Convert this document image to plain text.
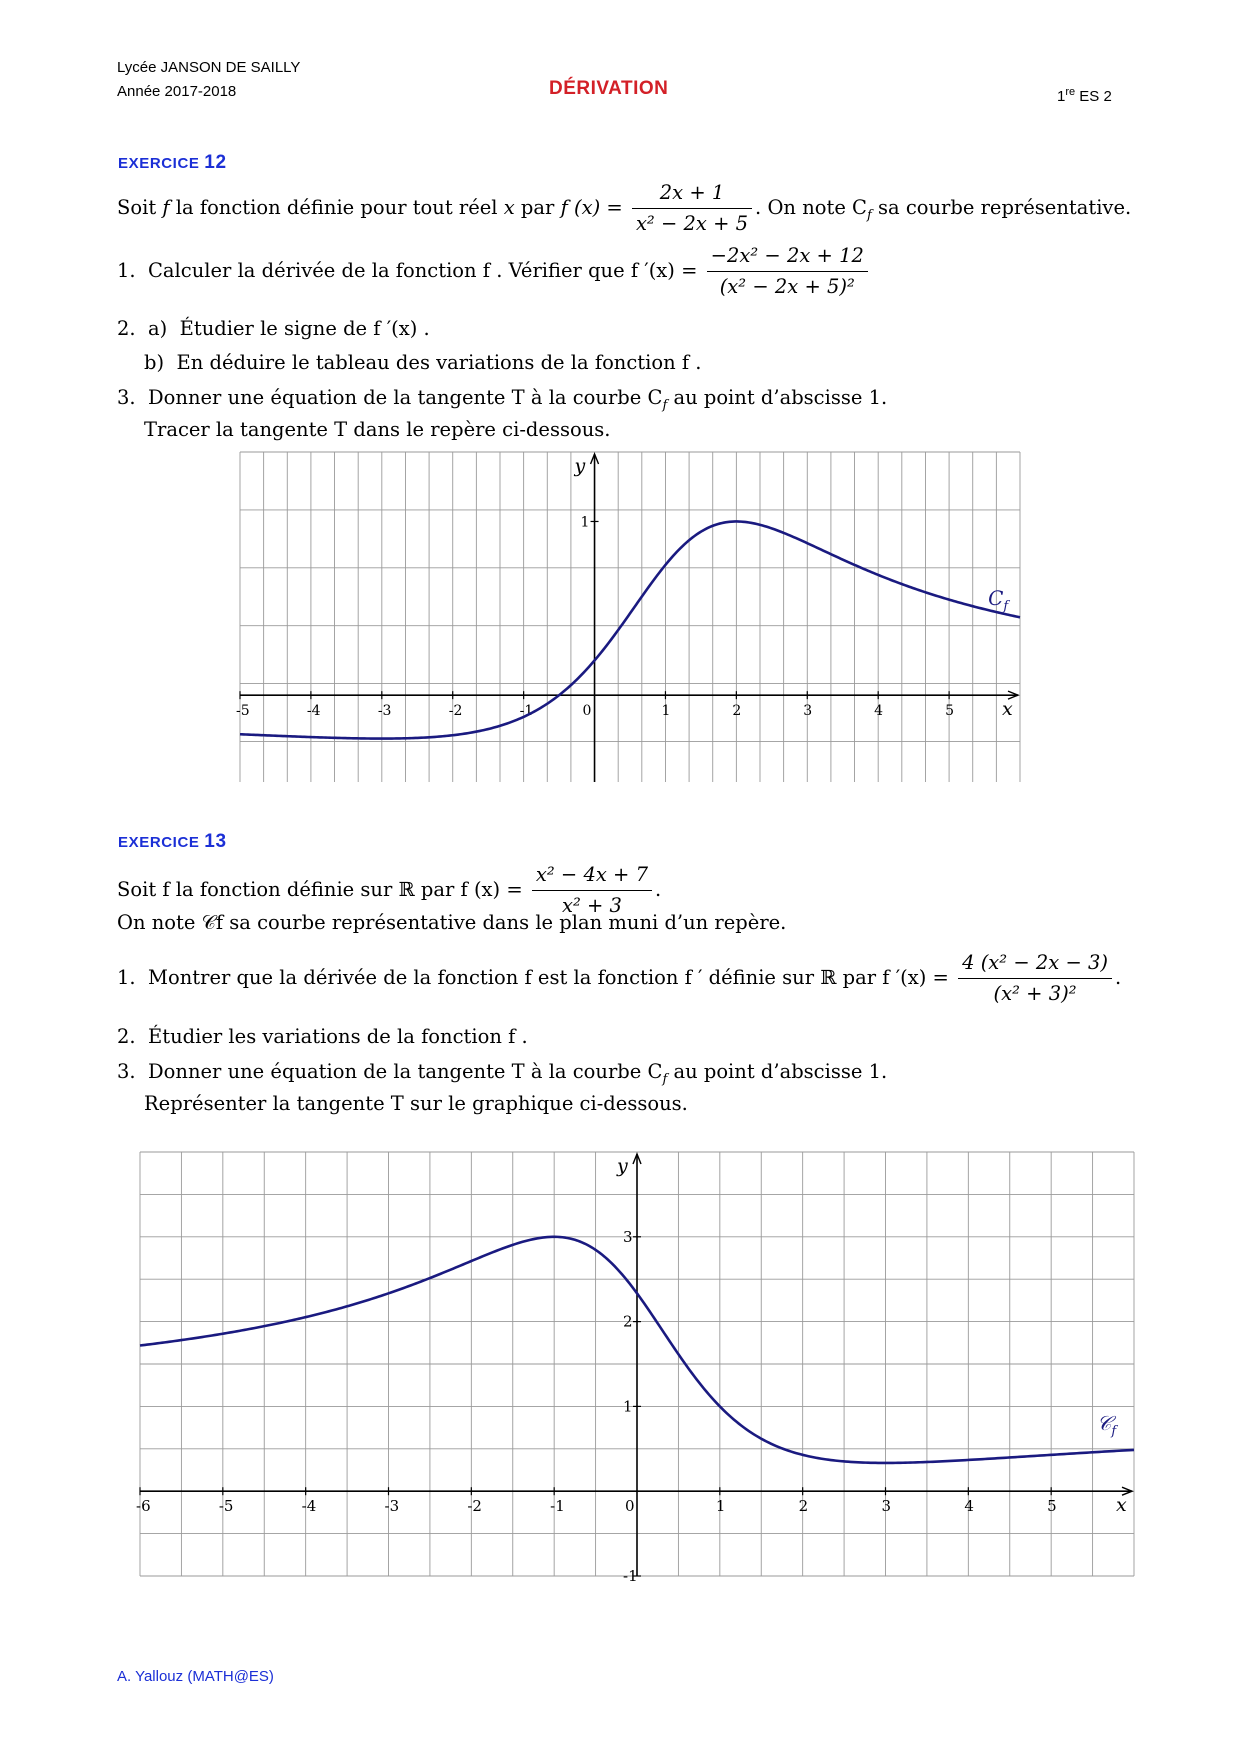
Lycée JANSON DE SAILLY
Année 2017-2018	DÉRIVATION	1re ES 2
EXERCICE 12
Soit f la fonction définie pour tout réel x par f $(x) = \frac{2x + 1}{\text{x² − 2x + 5}}$ . On note $C_f$ sa courbe représentative.
1. Calculer la dérivée de la fonction f . Vérifier que f $'(x) = \frac{\text{−2x² − 2x + 12}}{\text{(x² − 2x + 5)²}}$
2. a) Étudier le signe de f ′(x) .
b) En déduire le tableau des variations de la fonction f .
3. Donner une équation de la tangente T à la courbe $C_f$ au point d’abscisse 1.
Tracer la tangente T dans le repère ci-dessous.
-5	-4	-3	-2	-1	0	1	2	3	4	5
1
$C_f$
x
y
EXERCICE 13
Soit f la fonction définie sur ℝ par f $(x) = \frac{\text{x² − 4x + 7}}{\text{x² + 3}}$ .
On note 𝒞f sa courbe représentative dans le plan muni d’un repère.
1. Montrer que la dérivée de la fonction f est la fonction f ′ définie sur ℝ par f $'(x) = \frac{\text{4 (x² − 2x − 3)}}{\text{(x² + 3)²}}$ .
2. Étudier les variations de la fonction f .
3. Donner une équation de la tangente T à la courbe $C_f$ au point d’abscisse 1.
Représenter la tangente T sur le graphique ci-dessous.
-6	-5	-4	-3	-2	-1	0	1	2	3	4	5
-1
1
2
3
𝒞$_f$
x
y
A. Yallouz (MATH@ES)
